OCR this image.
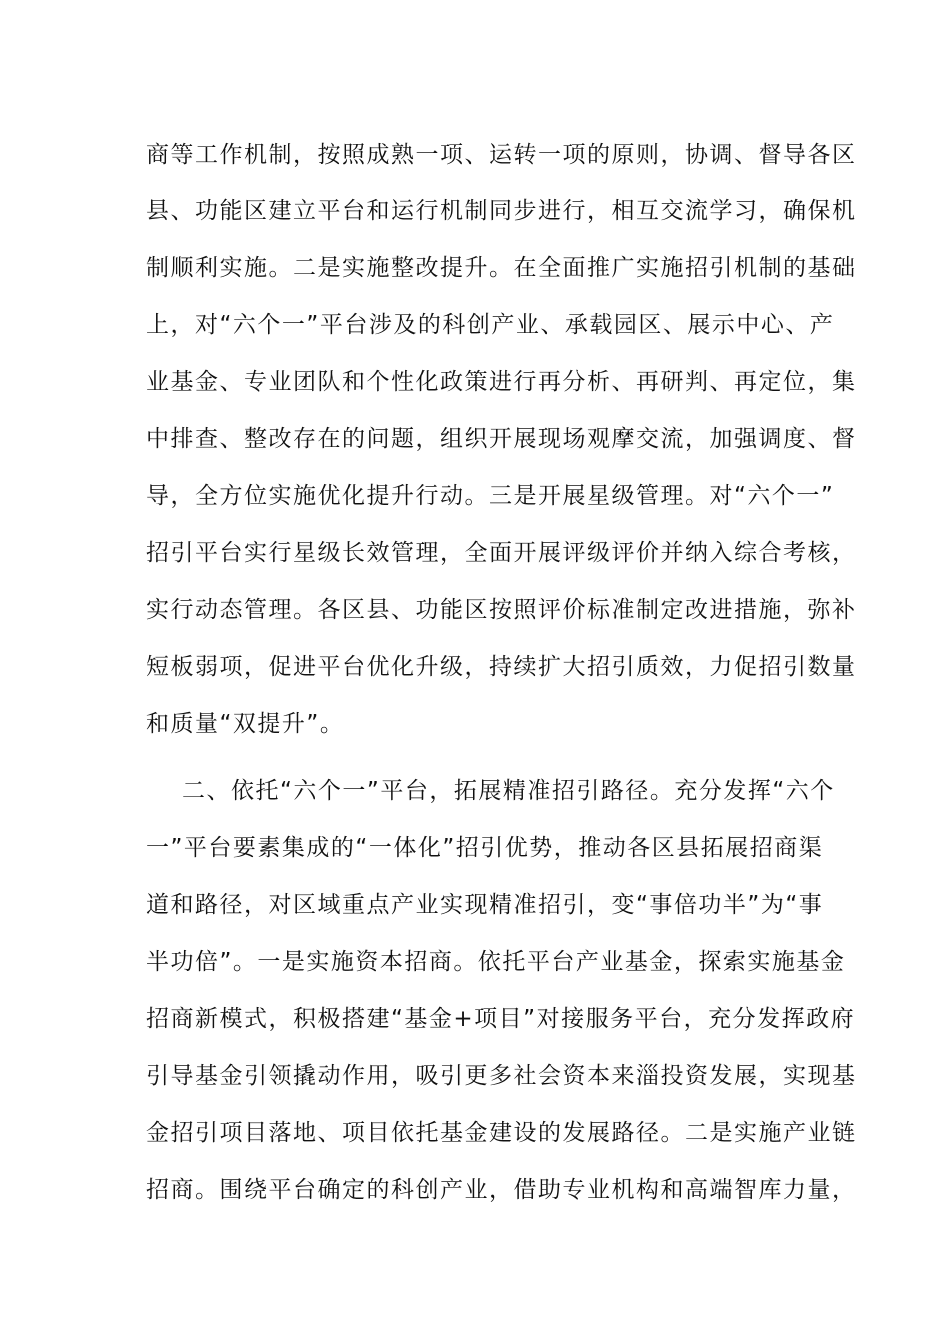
商等工作机制，按照成熟一项、运转一项的原则，协调、督导各区
县、功能区建立平台和运行机制同步进行，相互交流学习，确保机
制顺利实施。二是实施整改提升。在全面推广实施招引机制的基础
上，对“六个一”平台涉及的科创产业、承载园区、展示中心、产
业基金、专业团队和个性化政策进行再分析、再研判、再定位，集
中排查、整改存在的问题，组织开展现场观摩交流，加强调度、督
导，全方位实施优化提升行动。三是开展星级管理。对“六个一”
招引平台实行星级长效管理，全面开展评级评价并纳入综合考核，
实行动态管理。各区县、功能区按照评价标准制定改进措施，弥补
短板弱项，促进平台优化升级，持续扩大招引质效，力促招引数量
和质量“双提升”。
二、依托“六个一”平台，拓展精准招引路径。充分发挥“六个
一”平台要素集成的“一体化”招引优势，推动各区县拓展招商渠
道和路径，对区域重点产业实现精准招引，变“事倍功半”为“事
半功倍”。一是实施资本招商。依托平台产业基金，探索实施基金
招商新模式，积极搭建“基金+项目”对接服务平台，充分发挥政府
引导基金引领撬动作用，吸引更多社会资本来淄投资发展，实现基
金招引项目落地、项目依托基金建设的发展路径。二是实施产业链
招商。围绕平台确定的科创产业，借助专业机构和高端智库力量，
